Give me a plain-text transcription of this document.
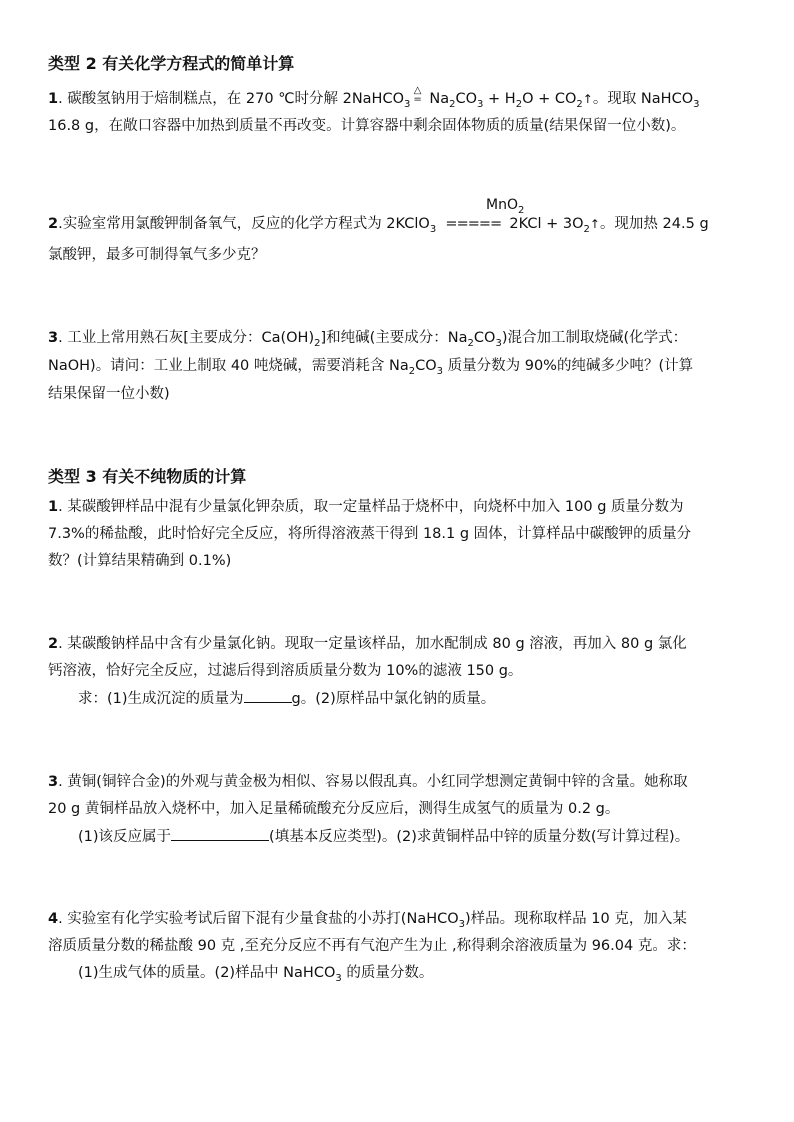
类型 2 有关化学方程式的简单计算
1. 碳酸氢钠用于焙制糕点，在 270 ℃时分解 2NaHCO$_3$△
= $Na_2CO_3 + H_2O$ + $CO_2↑$。现取 NaHCO$_3$
16.8 g，在敞口容器中加热到质量不再改变。计算容器中剩余固体物质的质量(结果保留一位小数)。
MnO$_2$
2.实验室常用氯酸钾制备氧气，反应的化学方程式为 2KClO$_3$ =====  $2KCl + 3O_2↑$。现加热 24.5 g
氯酸钾，最多可制得氧气多少克？
3. 工业上常用熟石灰[主要成分：$Ca(OH)_2$]和纯碱(主要成分：$Na_2CO_3$)混合加工制取烧碱(化学式：
NaOH)。请问：工业上制取 40 吨烧碱，需要消耗含 $Na_2CO_3$ 质量分数为 90%的纯碱多少吨？(计算
结果保留一位小数)
类型 3 有关不纯物质的计算
1. 某碳酸钾样品中混有少量氯化钾杂质，取一定量样品于烧杯中，向烧杯中加入 100 g 质量分数为
7.3%的稀盐酸，此时恰好完全反应，将所得溶液蒸干得到 18.1 g 固体，计算样品中碳酸钾的质量分
数？(计算结果精确到 0.1%)
2. 某碳酸钠样品中含有少量氯化钠。现取一定量该样品，加水配制成 80 g 溶液，再加入 80 g 氯化
钙溶液，恰好完全反应，过滤后得到溶质质量分数为 10%的滤液 150 g。
求：(1)生成沉淀的质量为	g。(2)原样品中氯化钠的质量。
3. 黄铜(铜锌合金)的外观与黄金极为相似、容易以假乱真。小红同学想测定黄铜中锌的含量。她称取
20 g 黄铜样品放入烧杯中，加入足量稀硫酸充分反应后，测得生成氢气的质量为 0.2 g。
(1)该反应属于	(填基本反应类型)。(2)求黄铜样品中锌的质量分数(写计算过程)。
4. 实验室有化学实验考试后留下混有少量食盐的小苏打(NaHCO$_3$)样品。现称取样品 10 克，加入某
溶质质量分数的稀盐酸 90 克 ,至充分反应不再有气泡产生为止 ,称得剩余溶液质量为 96.04 克。求：
(1)生成气体的质量。(2)样品中 NaHCO$_3$ 的质量分数。
